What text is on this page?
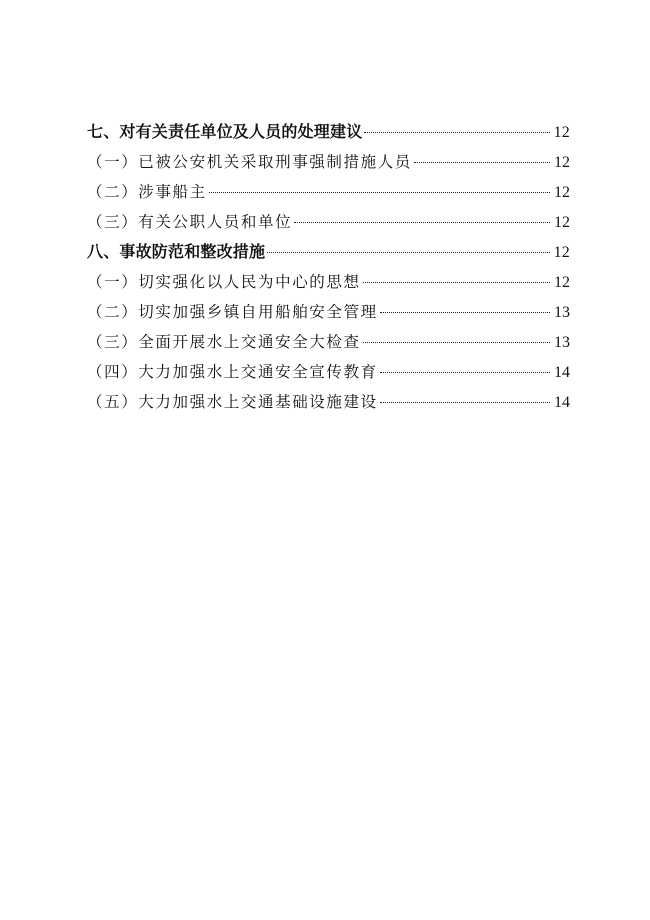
七、对有关责任单位及人员的处理建议	12
（一）已被公安机关采取刑事强制措施人员	12
（二）涉事船主	12
（三）有关公职人员和单位	12
八、事故防范和整改措施	12
（一）切实强化以人民为中心的思想	12
（二）切实加强乡镇自用船舶安全管理	13
（三）全面开展水上交通安全大检查	13
（四）大力加强水上交通安全宣传教育	14
（五）大力加强水上交通基础设施建设	14
